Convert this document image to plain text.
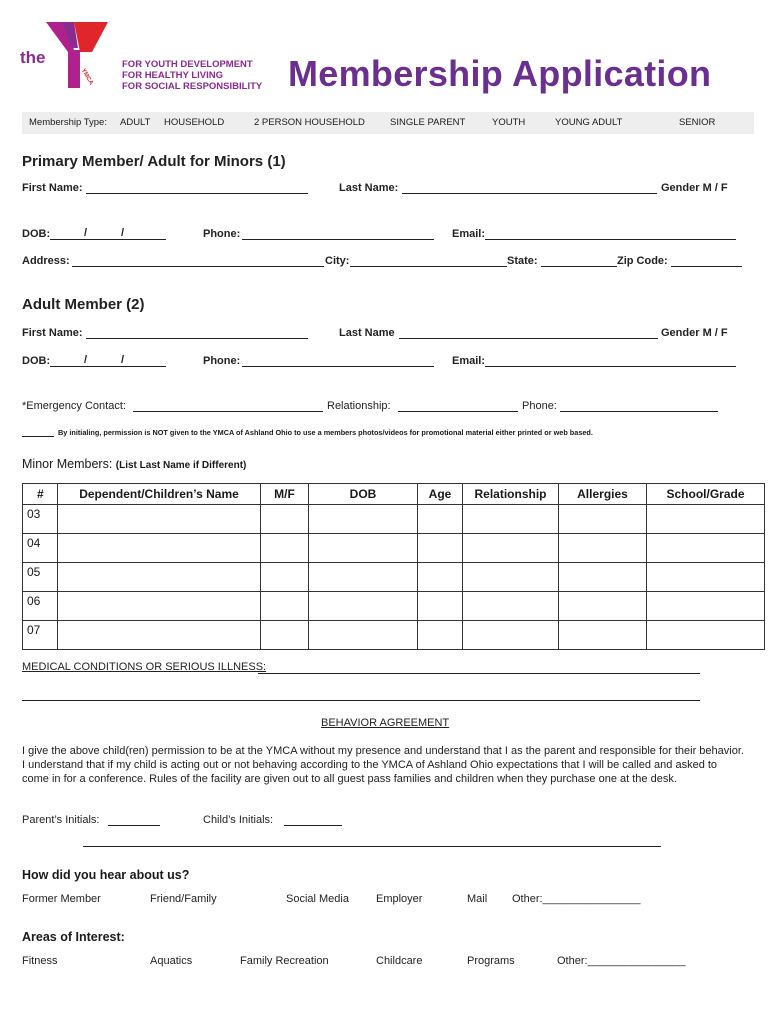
the
YMCA
FOR YOUTH DEVELOPMENT
FOR HEALTHY LIVING
FOR SOCIAL RESPONSIBILITY Membership Application
Membership Type: ADULT HOUSEHOLD	2 PERSON HOUSEHOLD	SINGLE PARENT	YOUTH	YOUNG ADULT	SENIOR
Primary Member/ Adult for Minors (1)
First Name:	Last Name:	Gender M / F
DOB:	/	/	Phone:	Email:
Address:	City:	State:	Zip Code:
Adult Member (2)
First Name:	Last Name	Gender M / F
DOB:	/	/	Phone:	Email:
*Emergency Contact:	Relationship:	Phone:
By initialing, permission is NOT given to the YMCA of Ashland Ohio to use a members photos/videos for promotional material either printed or web based.
Minor Members: (List Last Name if Different)
#	Dependent/Children’s Name	M/F	DOB	Age	Relationship	Allergies	School/Grade
03							
04							
05							
06							
07							
MEDICAL CONDITIONS OR SERIOUS ILLNESS:
BEHAVIOR AGREEMENT
I give the above child(ren) permission to be at the YMCA without my presence and understand that I as the parent and responsible for their behavior. I understand that if my child is acting out or not behaving according to the YMCA of Ashland Ohio expectations that I will be called and asked to come in for a conference. Rules of the facility are given out to all guest pass families and children when they purchase one at the desk.
Parent’s Initials:	Child’s Initials:
How did you hear about us?
Former Member	Friend/Family	Social Media Employer	Mail Other:________________
Areas of Interest:
Fitness	Aquatics	Family Recreation	Childcare	Programs	Other:________________
